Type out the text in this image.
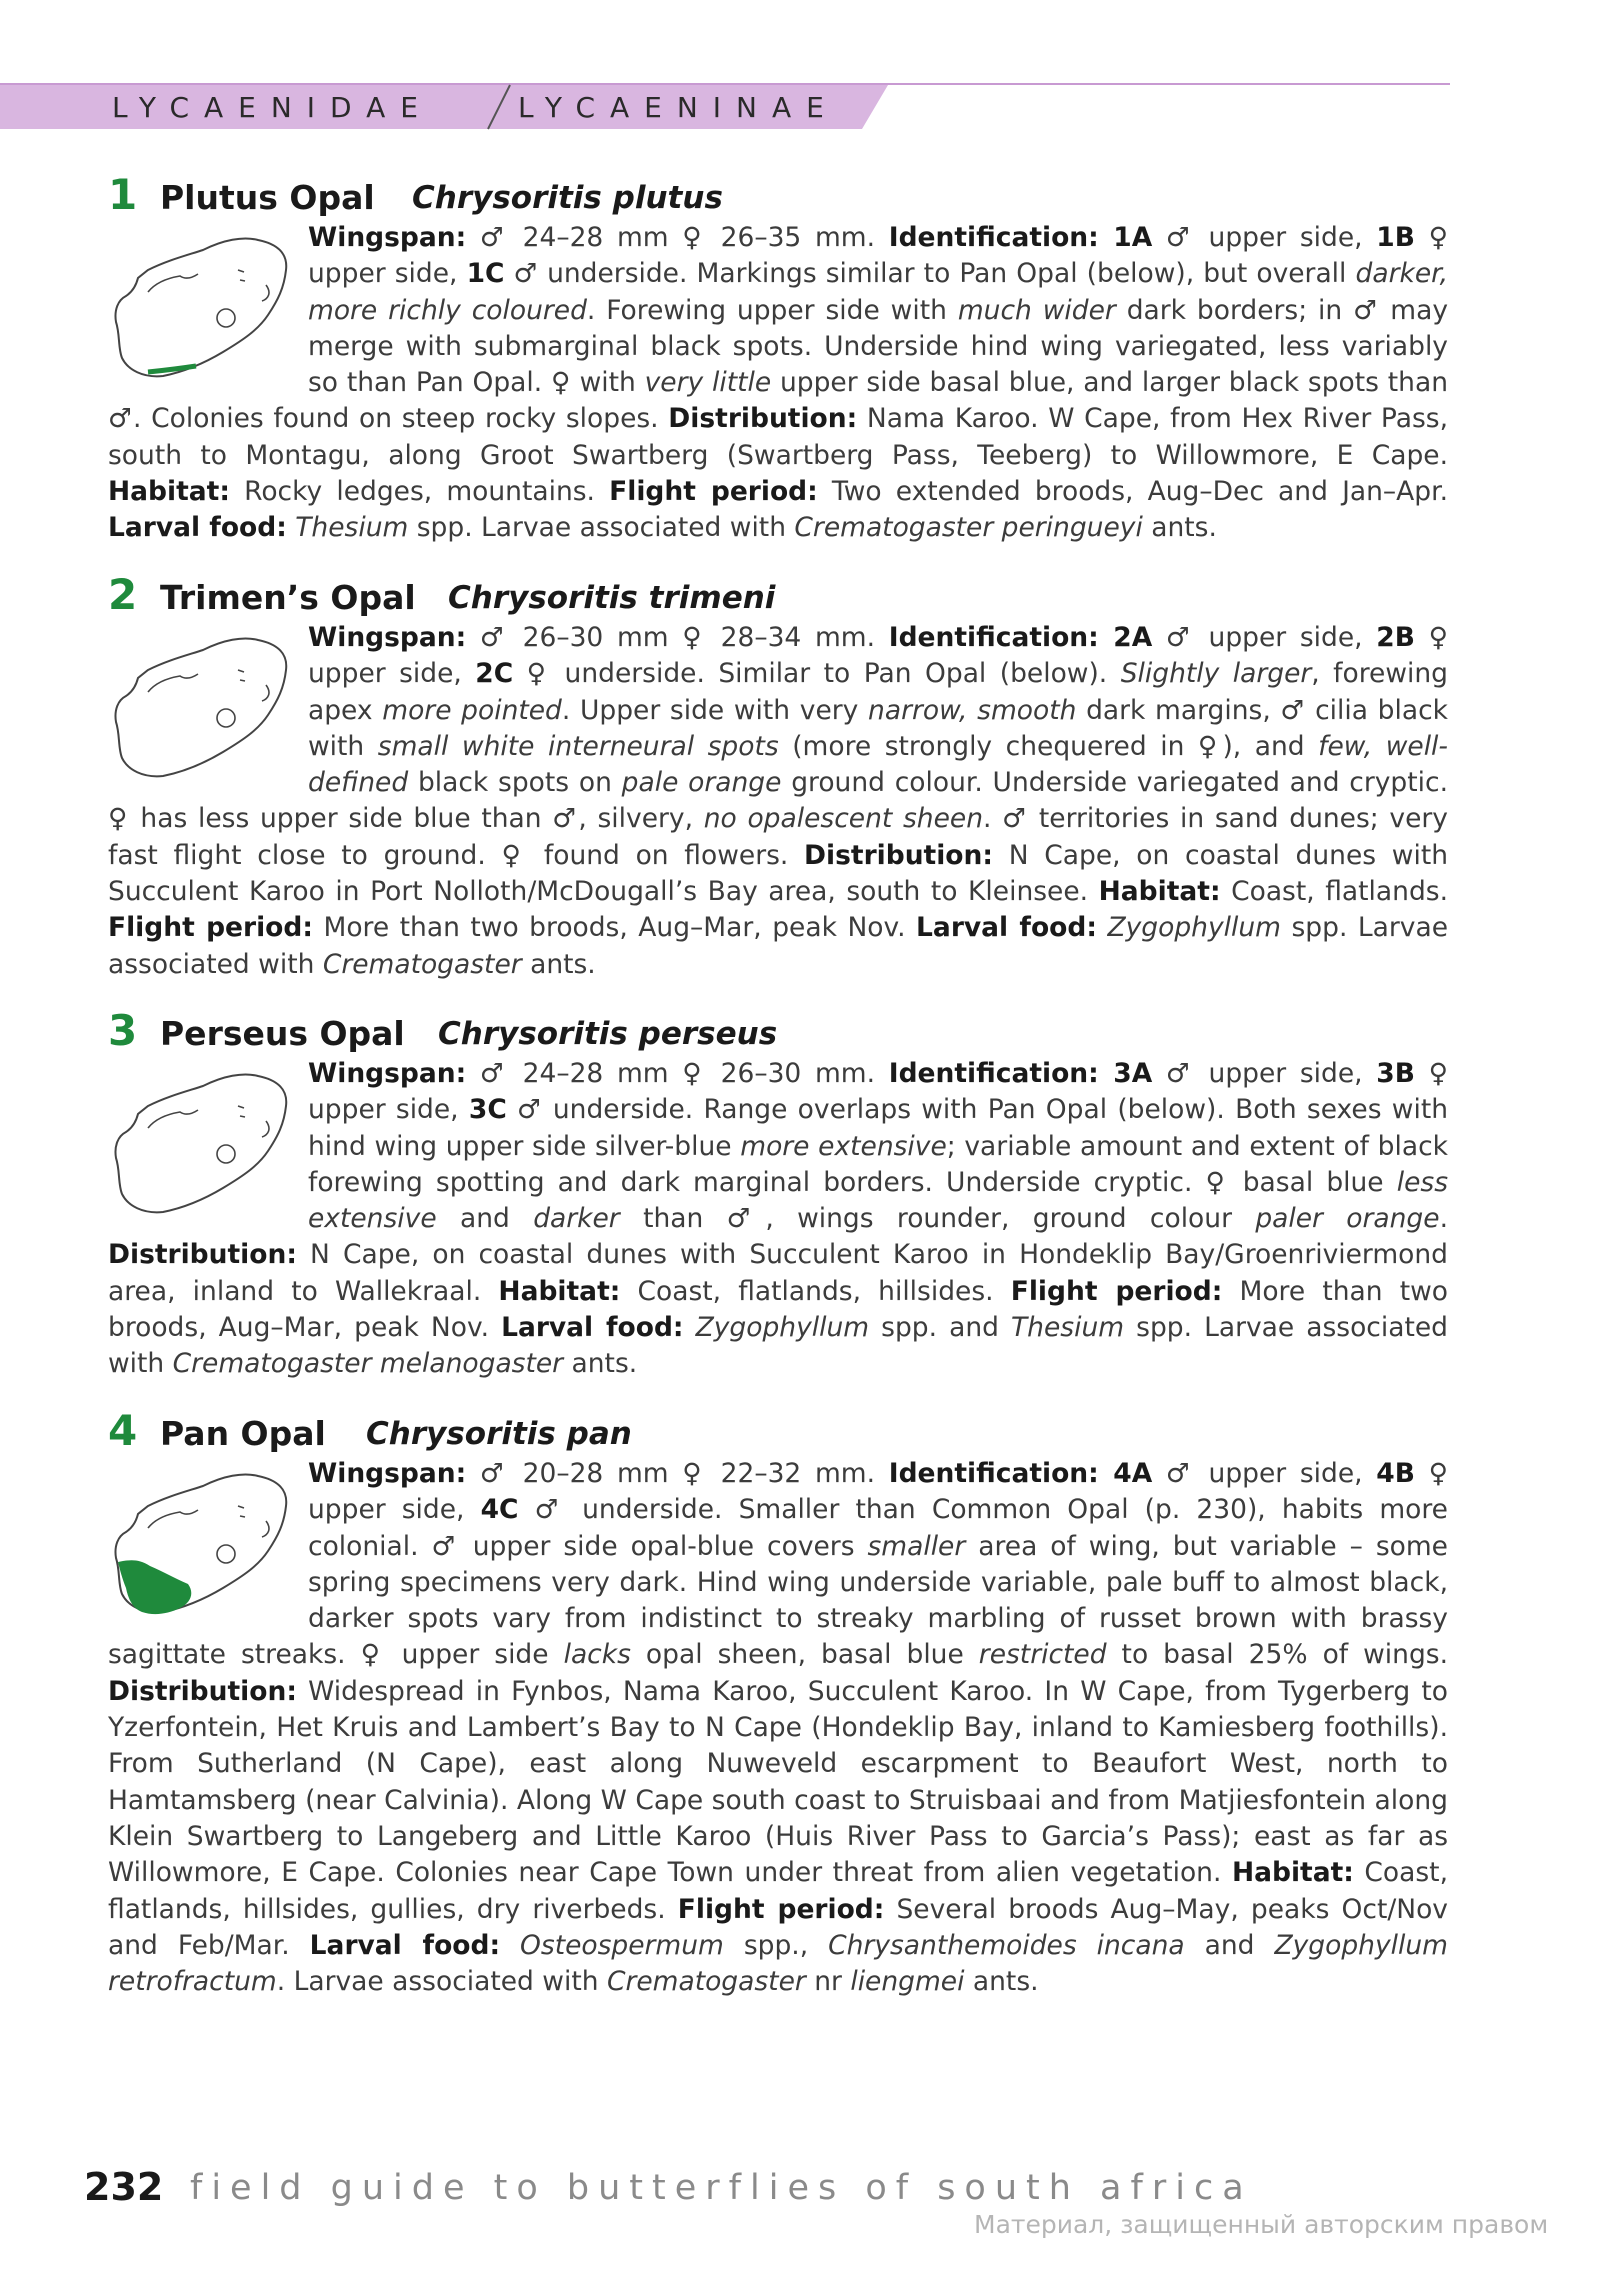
LYCAENIDAE	LYCAENINAE
1 Plutus Opal Chrysoritis plutus

Wingspan: ♂ 24–28 mm ♀ 26–35 mm. Identification: 1A ♂ upper side, 1B ♀ upper side, 1C ♂ underside. Markings similar to Pan Opal (below), but overall darker, more richly coloured. Forewing upper side with much wider dark borders; in ♂ may merge with submarginal black spots. Underside hind wing variegated, less variably so than Pan Opal. ♀ with very little upper side basal blue, and larger black spots than ♂. Colonies found on steep rocky slopes. Distribution: Nama Karoo. W Cape, from Hex River Pass, south to Montagu, along Groot Swartberg (Swartberg Pass, Teeberg) to Willowmore, E Cape. Habitat: Rocky ledges, mountains. Flight period: Two extended broods, Aug–Dec and Jan–Apr. Larval food: Thesium spp. Larvae associated with Crematogaster peringueyi ants.

2 Trimen’s Opal Chrysoritis trimeni

Wingspan: ♂ 26–30 mm ♀ 28–34 mm. Identification: 2A ♂ upper side, 2B ♀ upper side, 2C ♀ underside. Similar to Pan Opal (below). Slightly larger, forewing apex more pointed. Upper side with very narrow, smooth dark margins, ♂ cilia black with small white interneural spots (more strongly chequered in ♀), and few, well-defined black spots on pale orange ground colour. Underside variegated and cryptic. ♀ has less upper side blue than ♂, silvery, no opalescent sheen. ♂ territories in sand dunes; very fast flight close to ground. ♀ found on flowers. Distribution: N Cape, on coastal dunes with Succulent Karoo in Port Nolloth/McDougall’s Bay area, south to Kleinsee. Habitat: Coast, flatlands. Flight period: More than two broods, Aug–Mar, peak Nov. Larval food: Zygophyllum spp. Larvae associated with Crematogaster ants.

3 Perseus Opal Chrysoritis perseus

Wingspan: ♂ 24–28 mm ♀ 26–30 mm. Identification: 3A ♂ upper side, 3B ♀ upper side, 3C ♂ underside. Range overlaps with Pan Opal (below). Both sexes with hind wing upper side silver-blue more extensive; variable amount and extent of black forewing spotting and dark marginal borders. Underside cryptic. ♀ basal blue less extensive and darker than ♂, wings rounder, ground colour paler orange. Distribution: N Cape, on coastal dunes with Succulent Karoo in Hondeklip Bay/Groenriviermond area, inland to Wallekraal. Habitat: Coast, flatlands, hillsides. Flight period: More than two broods, Aug–Mar, peak Nov. Larval food: Zygophyllum spp. and Thesium spp. Larvae associated with Crematogaster melanogaster ants.

4 Pan Opal Chrysoritis pan

Wingspan: ♂ 20–28 mm ♀ 22–32 mm. Identification: 4A ♂ upper side, 4B ♀ upper side, 4C ♂ underside. Smaller than Common Opal (p. 230), habits more colonial. ♂ upper side opal-blue covers smaller area of wing, but variable – some spring specimens very dark. Hind wing underside variable, pale buff to almost black, darker spots vary from indistinct to streaky marbling of russet brown with brassy sagittate streaks. ♀ upper side lacks opal sheen, basal blue restricted to basal 25% of wings. Distribution: Widespread in Fynbos, Nama Karoo, Succulent Karoo. In W Cape, from Tygerberg to Yzerfontein, Het Kruis and Lambert’s Bay to N Cape (Hondeklip Bay, inland to Kamiesberg foothills). From Sutherland (N Cape), east along Nuweveld escarpment to Beaufort West, north to Hamtamsberg (near Calvinia). Along W Cape south coast to Struisbaai and from Matjiesfontein along Klein Swartberg to Langeberg and Little Karoo (Huis River Pass to Garcia’s Pass); east as far as Willowmore, E Cape. Colonies near Cape Town under threat from alien vegetation. Habitat: Coast, flatlands, hillsides, gullies, dry riverbeds. Flight period: Several broods Aug–May, peaks Oct/Nov and Feb/Mar. Larval food: Osteospermum spp., Chrysanthemoides incana and Zygophyllum retrofractum. Larvae associated with Crematogaster nr liengmei ants.

232 field guide to butterflies of south africa
Материал, защищенный авторским правом
